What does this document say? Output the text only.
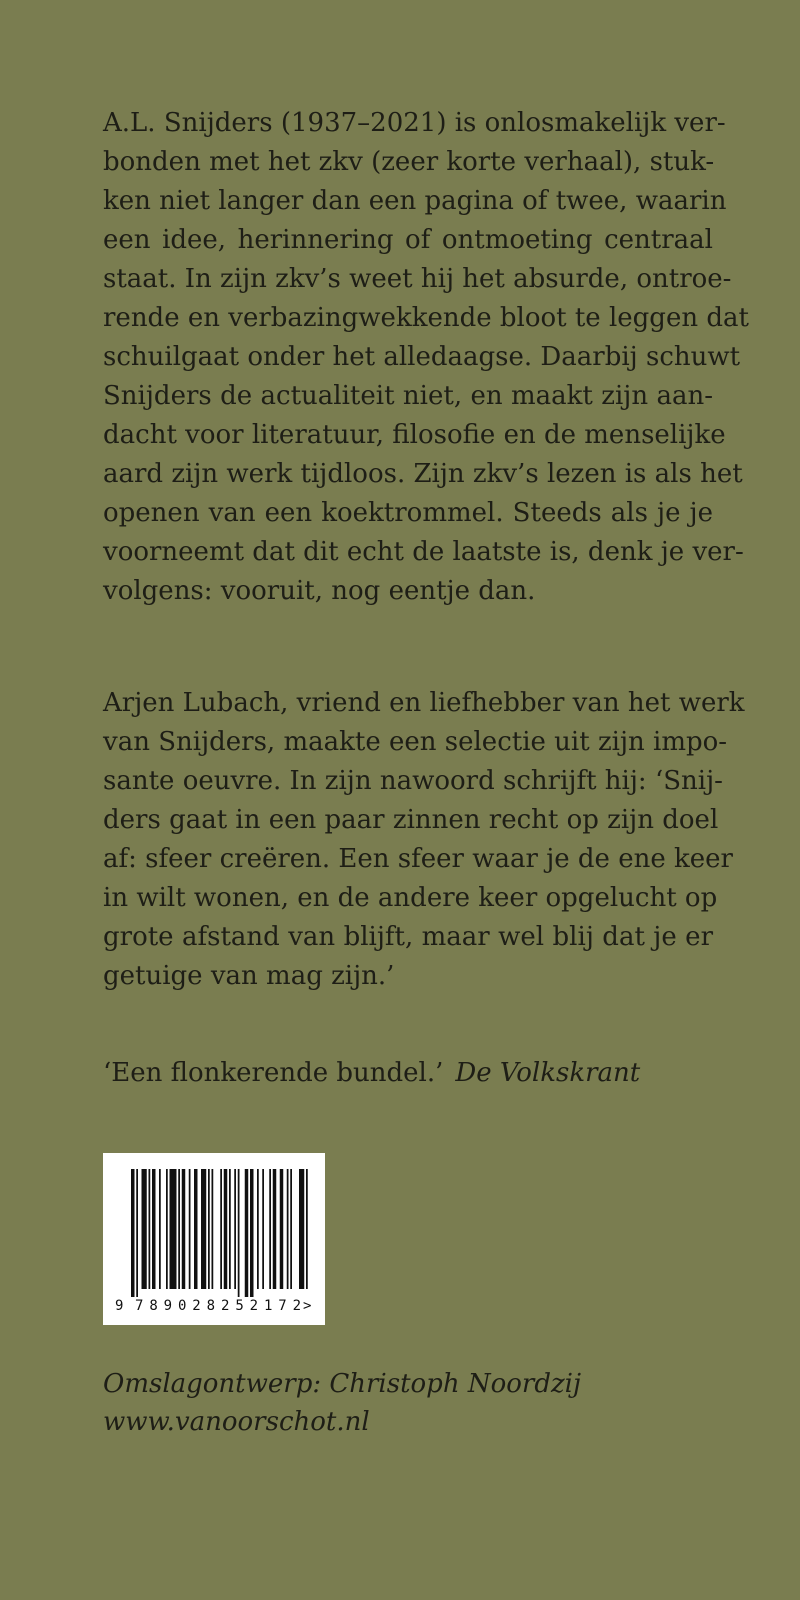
A.L. Snijders (1937–2021) is onlosmakelijk ver-
bonden met het zkv (zeer korte verhaal), stuk-
ken niet langer dan een pagina of twee, waarin
een idee, herinnering of ontmoeting centraal
staat. In zijn zkv’s weet hij het absurde, ontroe-
rende en verbazingwekkende bloot te leggen dat
schuilgaat onder het alledaagse. Daarbij schuwt
Snijders de actualiteit niet, en maakt zijn aan-
dacht voor literatuur, filosofie en de menselijke
aard zijn werk tijdloos. Zijn zkv’s lezen is als het
openen van een koektrommel. Steeds als je je
voorneemt dat dit echt de laatste is, denk je ver-
volgens: vooruit, nog eentje dan.
Arjen Lubach, vriend en liefhebber van het werk
van Snijders, maakte een selectie uit zijn impo-
sante oeuvre. In zijn nawoord schrijft hij: ‘Snij-
ders gaat in een paar zinnen recht op zijn doel
af: sfeer creëren. Een sfeer waar je de ene keer
in wilt wonen, en de andere keer opgelucht op
grote afstand van blijft, maar wel blij dat je er
getuige van mag zijn.’
‘Een flonkerende bundel.’ De Volkskrant
9 789028 252172 >
Omslagontwerp: Christoph Noordzij
www.vanoorschot.nl
